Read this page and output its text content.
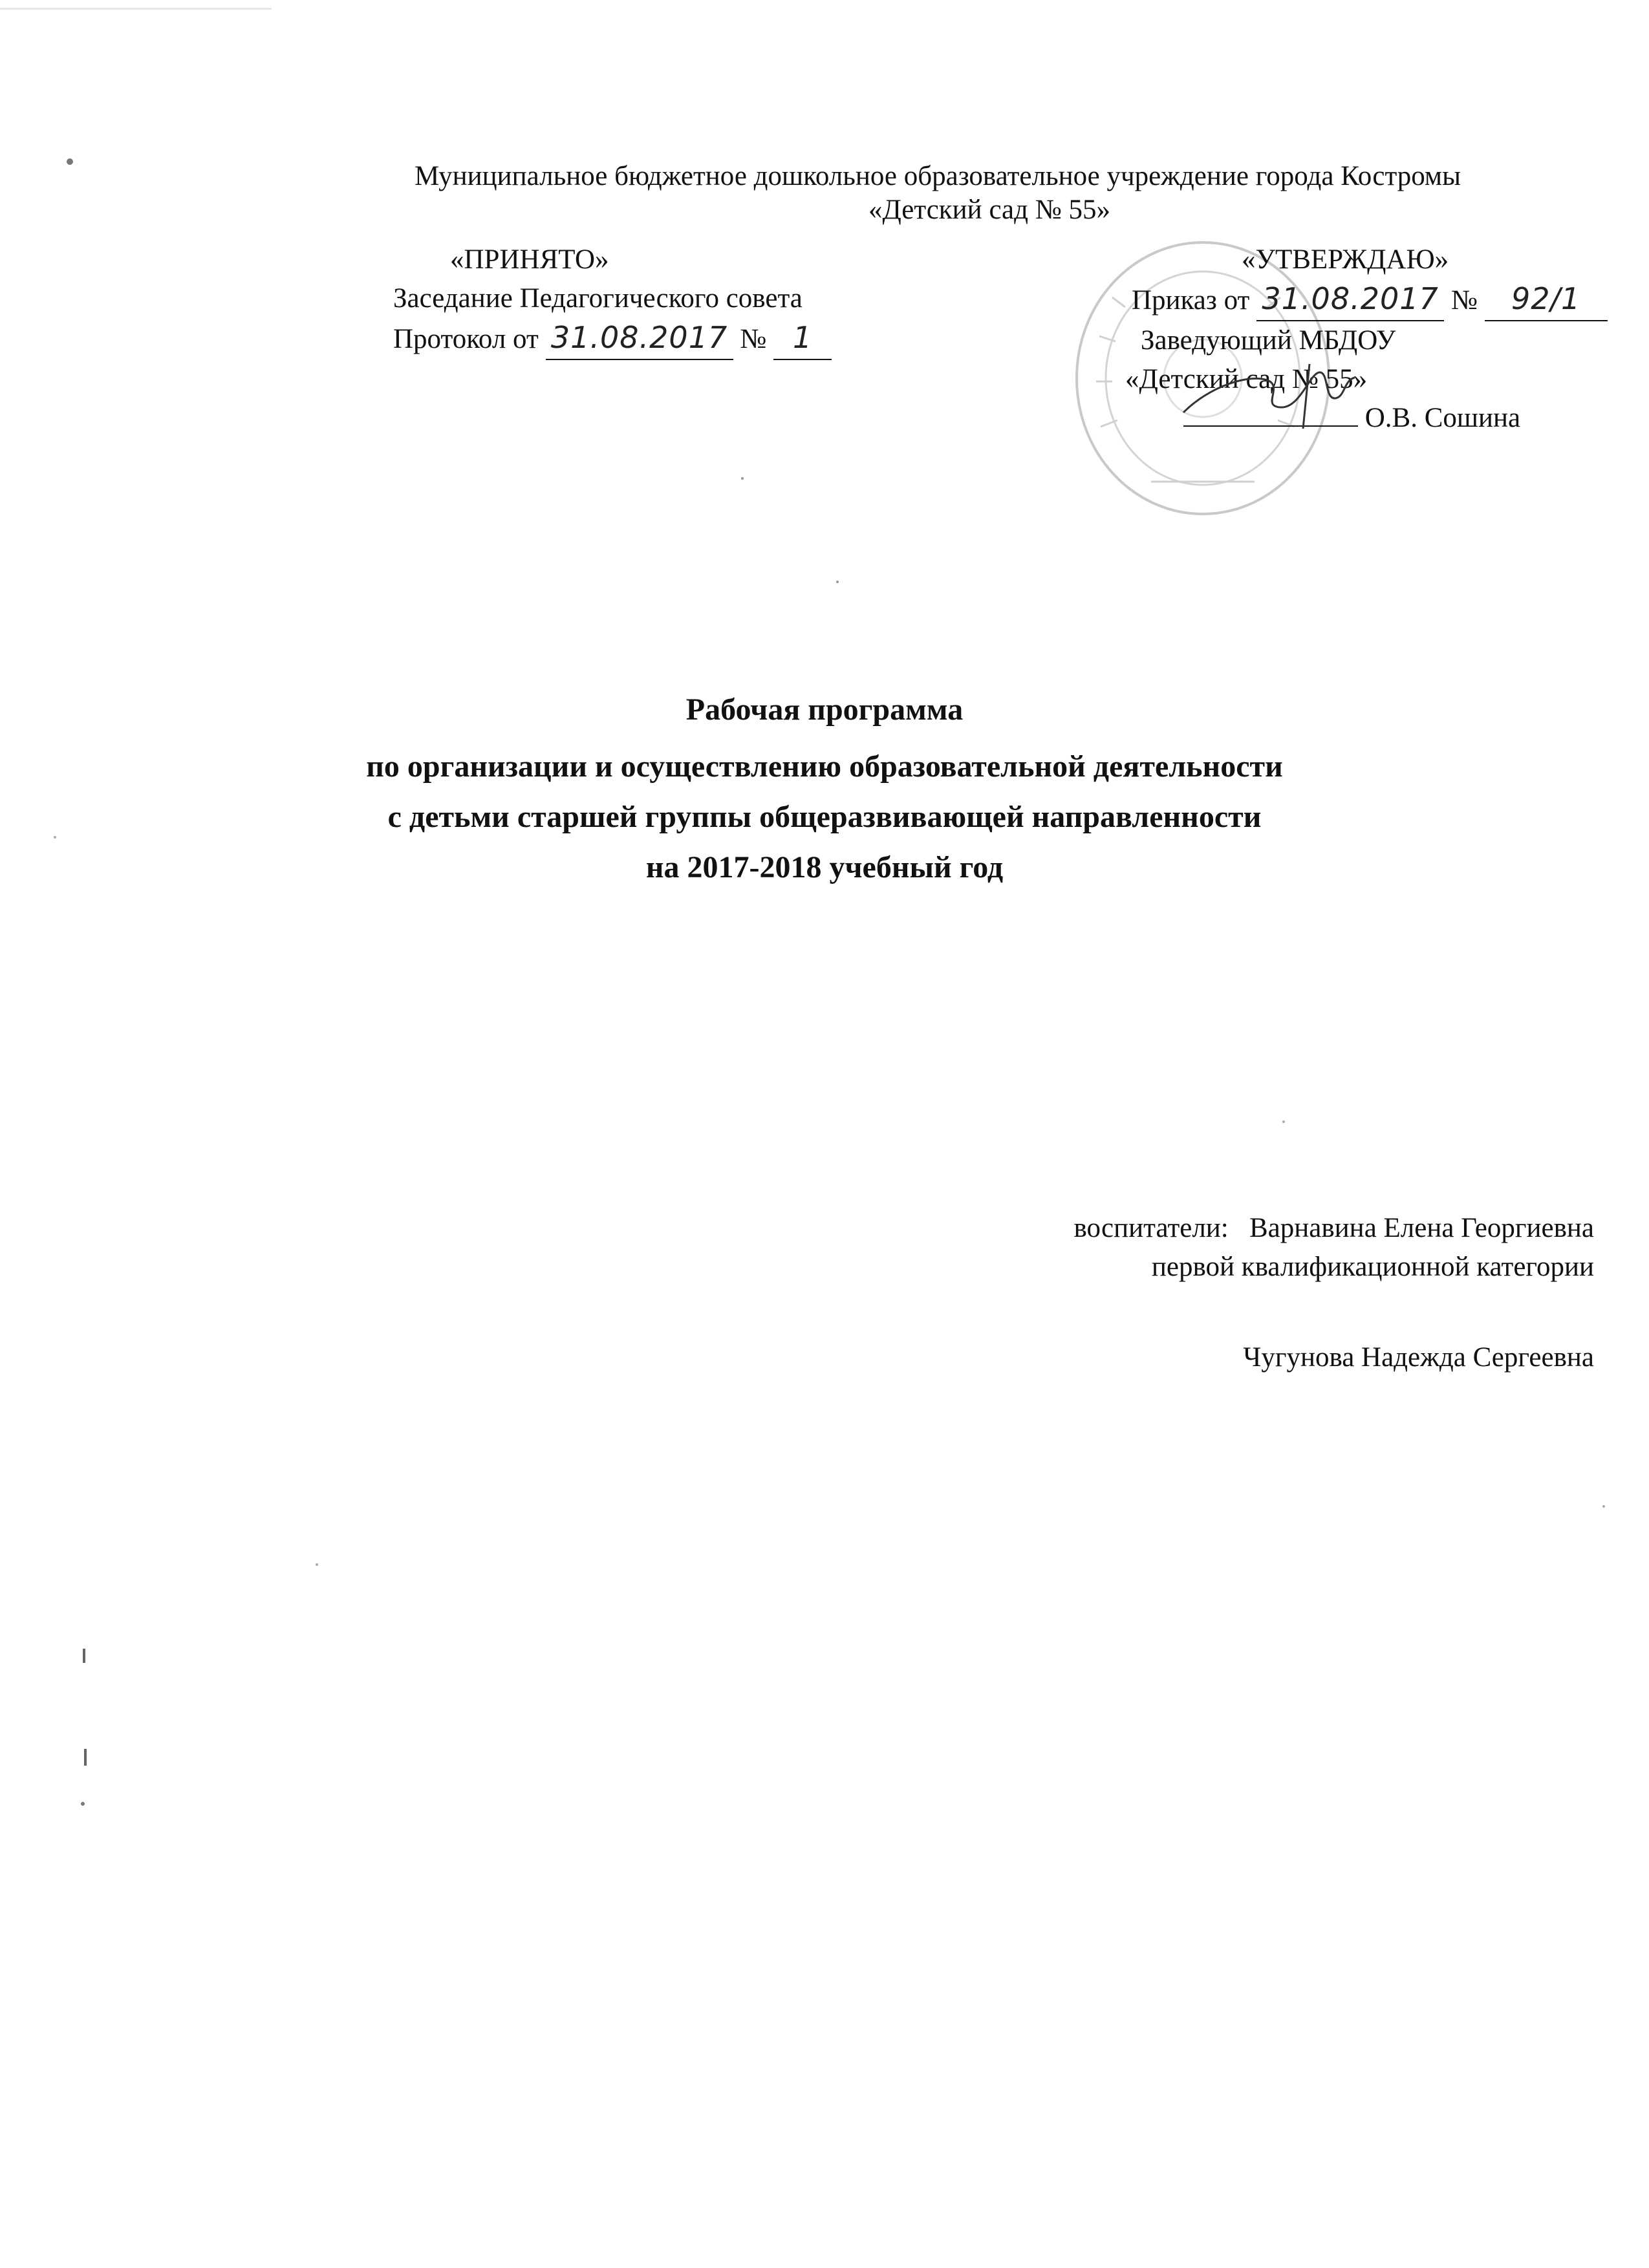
Муниципальное бюджетное дошкольное образовательное учреждение города Костромы
«Детский сад № 55»
«ПРИНЯТО»
Заседание Педагогического совета
Протокол от 31.08.2017 № 1
«УТВЕРЖДАЮ»
Приказ от 31.08.2017 № 92/1
Заведующий МБДОУ
«Детский сад № 55»
О.В. Сошина
Рабочая программа
по организации и осуществлению образовательной деятельности
с детьми старшей группы общеразвивающей направленности
на 2017-2018 учебный год
воспитатели: Варнавина Елена Георгиевна
первой квалификационной категории
Чугунова Надежда Сергеевна
